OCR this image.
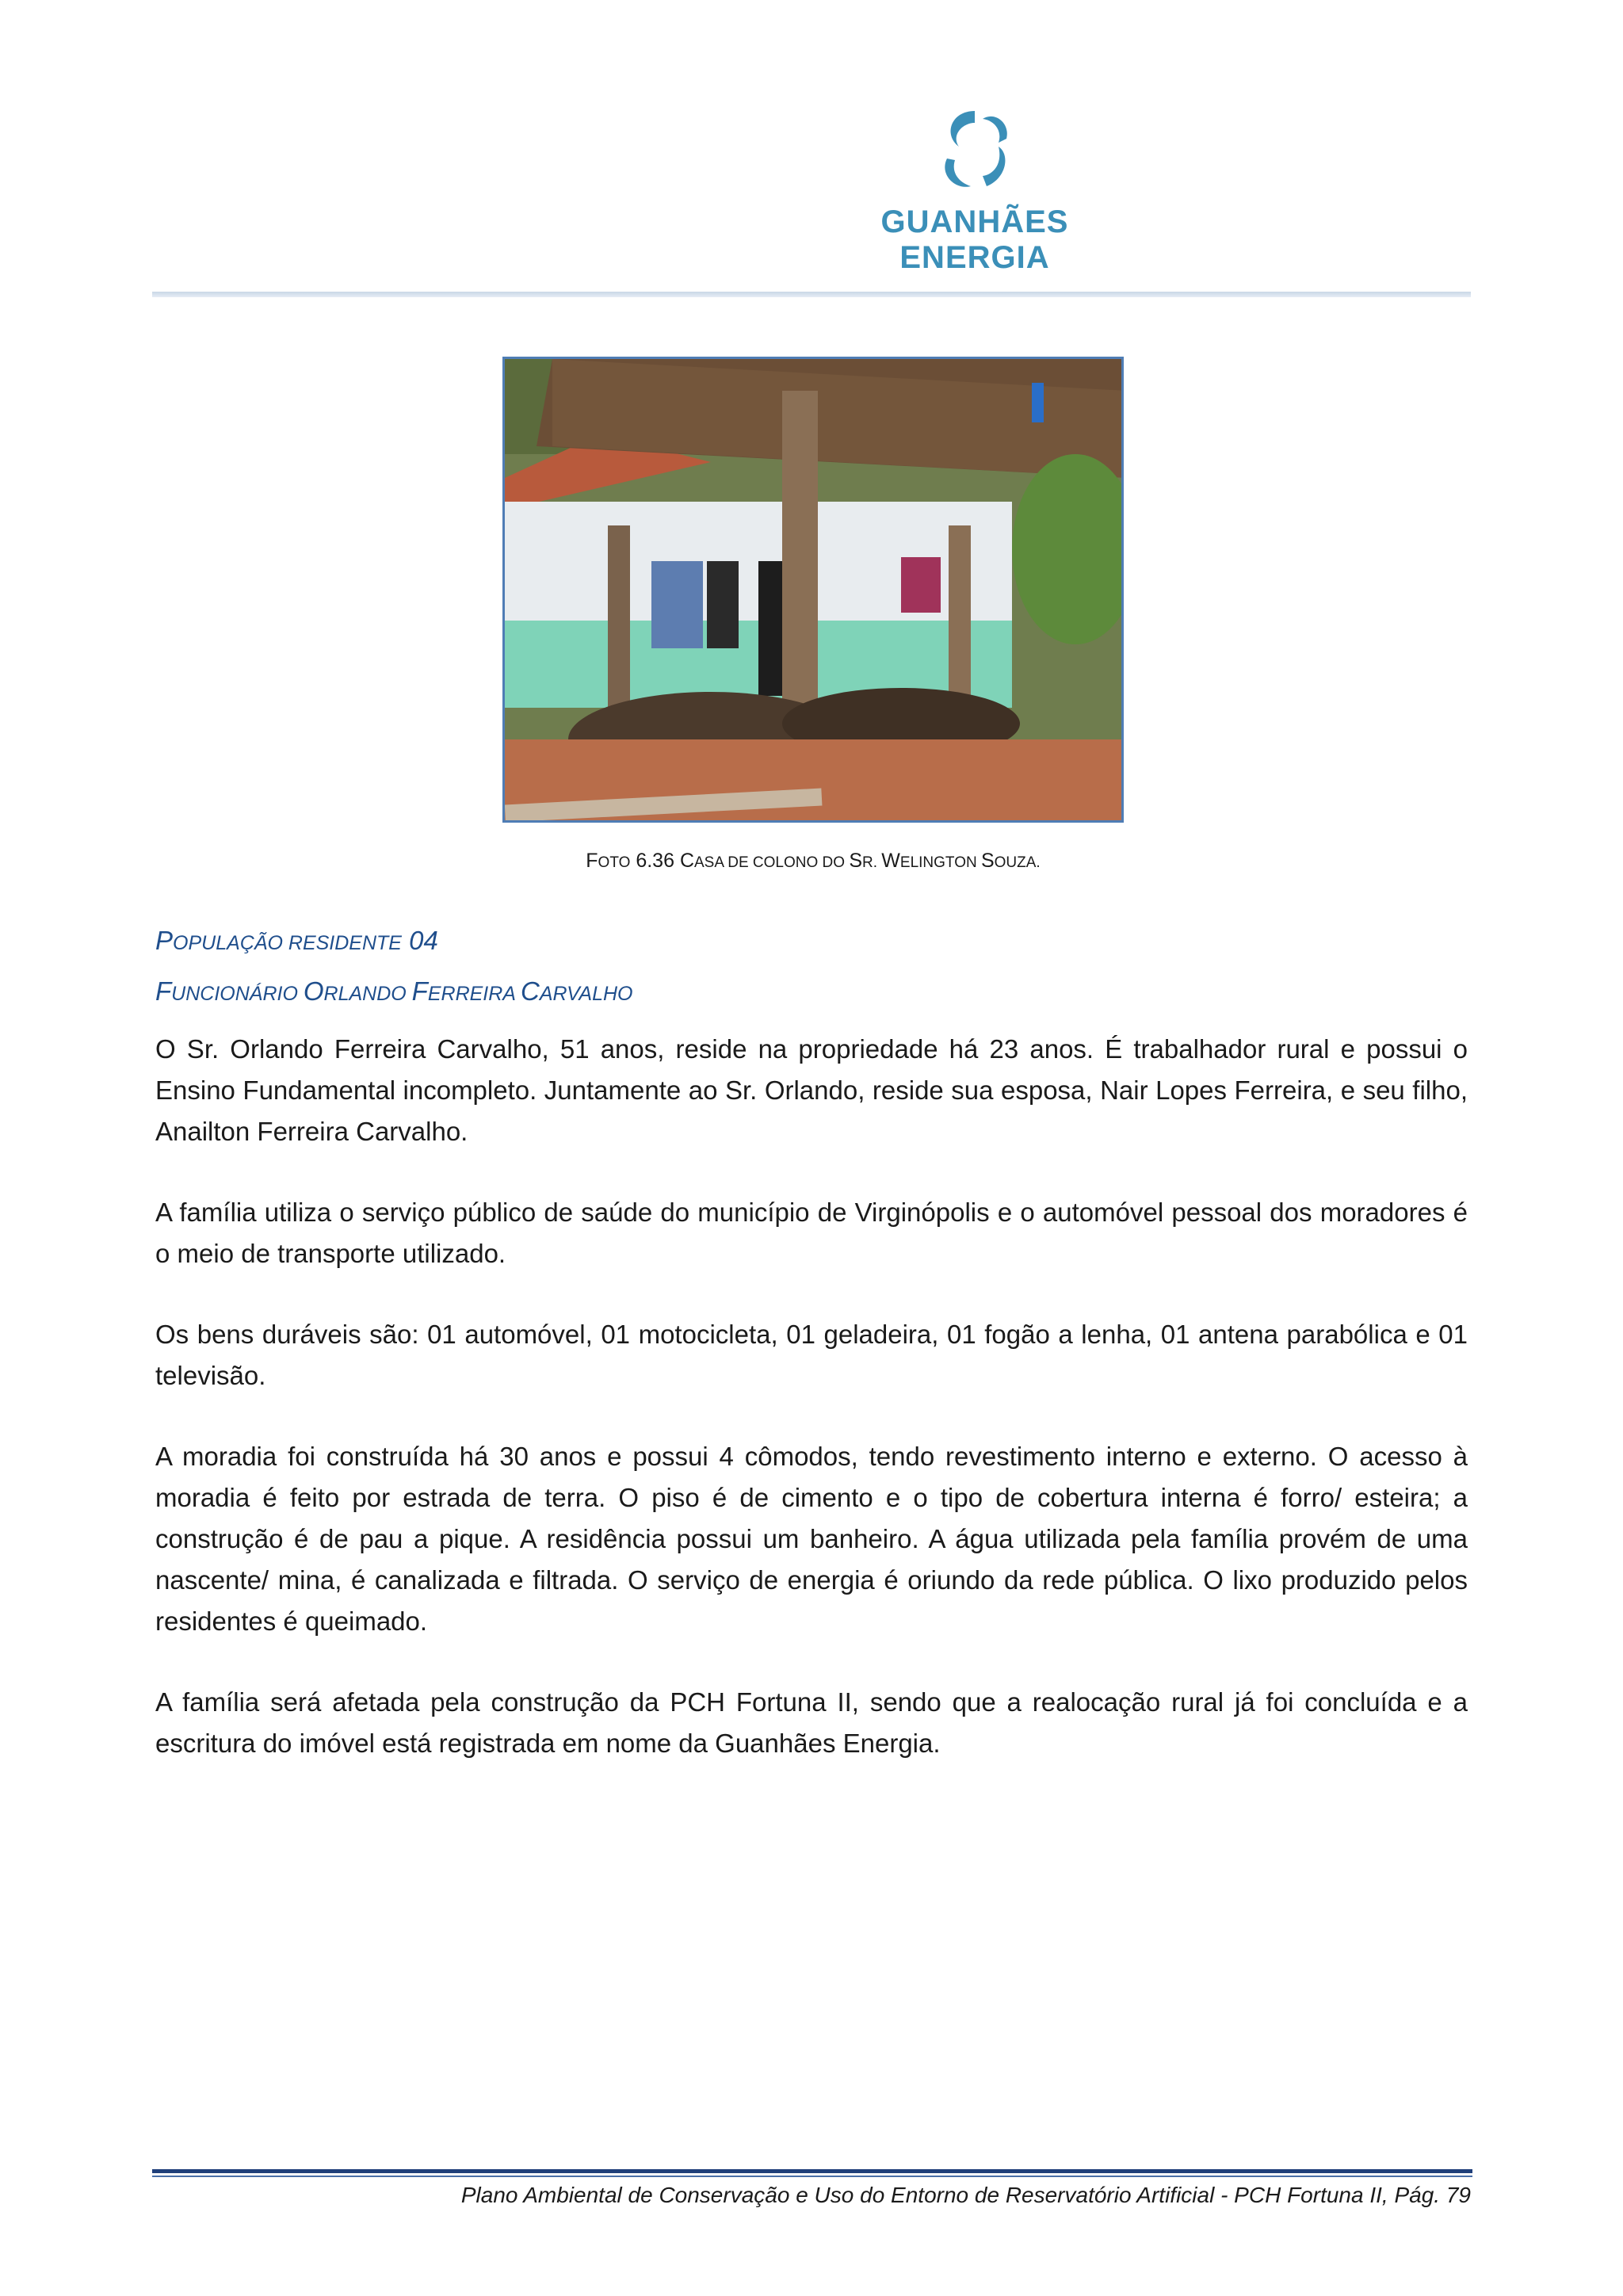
GUANHÃES ENERGIA
FOTO 6.36 CASA DE COLONO DO SR. WELINGTON SOUZA.
POPULAÇÃO RESIDENTE 04
FUNCIONÁRIO ORLANDO FERREIRA CARVALHO
O Sr. Orlando Ferreira Carvalho, 51 anos, reside na propriedade há 23 anos. É trabalhador rural e possui o Ensino Fundamental incompleto. Juntamente ao Sr. Orlando, reside sua esposa, Nair Lopes Ferreira, e seu filho, Anailton Ferreira Carvalho.
A família utiliza o serviço público de saúde do município de Virginópolis e o automóvel pessoal dos moradores é o meio de transporte utilizado.
Os bens duráveis são: 01 automóvel, 01 motocicleta, 01 geladeira, 01 fogão a lenha, 01 antena parabólica e 01 televisão.
A moradia foi construída há 30 anos e possui 4 cômodos, tendo revestimento interno e externo. O acesso à moradia é feito por estrada de terra. O piso é de cimento e o tipo de cobertura interna é forro/ esteira; a construção é de pau a pique. A residência possui um banheiro. A água utilizada pela família provém de uma nascente/ mina, é canalizada e filtrada. O serviço de energia é oriundo da rede pública. O lixo produzido pelos residentes é queimado.
A família será afetada pela construção da PCH Fortuna II, sendo que a realocação rural já foi concluída e a escritura do imóvel está registrada em nome da Guanhães Energia.
Plano Ambiental de Conservação e Uso do Entorno de Reservatório Artificial - PCH Fortuna II, Pág. 79
